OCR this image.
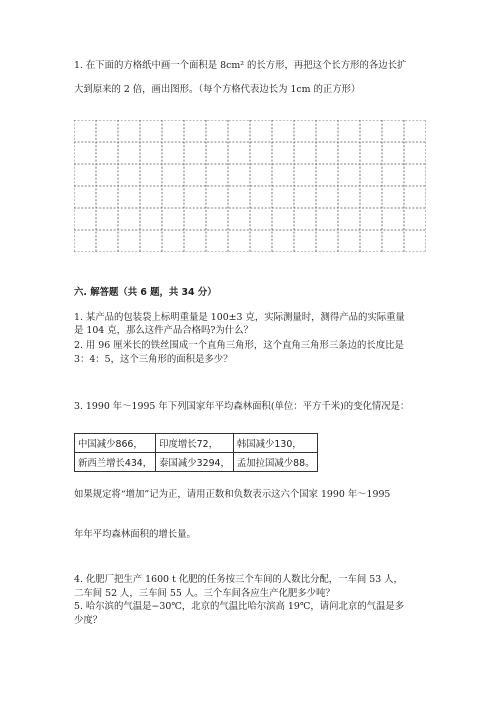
1. 在下面的方格纸中画一个面积是 8cm² 的长方形，再把这个长方形的各边长扩
大到原来的 2 倍，画出图形。（每个方格代表边长为 1cm 的正方形）
六. 解答题（共 6 题，共 34 分）
1. 某产品的包装袋上标明重量是 100±3 克，实际测量时，测得产品的实际重量
是 104 克，那么这件产品合格吗?为什么？
2. 用 96 厘米长的铁丝围成一个直角三角形，这个直角三角形三条边的长度比是
3：4：5，这个三角形的面积是多少？
3. 1990 年～1995 年下列国家年平均森林面积(单位：平方千米)的变化情况是：
中国减少866，	印度增长72，	韩国减少130，
新西兰增长434，	泰国减少3294，	孟加拉国减少88。
如果规定将“增加”记为正，请用正数和负数表示这六个国家 1990 年～1995
年年平均森林面积的增长量。
4. 化肥厂把生产 1600 t 化肥的任务按三个车间的人数比分配，一车间 53 人，
二车间 52 人，三车间 55 人。三个车间各应生产化肥多少吨？
5. 哈尔滨的气温是−30℃，北京的气温比哈尔滨高 19℃，请问北京的气温是多
少度？
